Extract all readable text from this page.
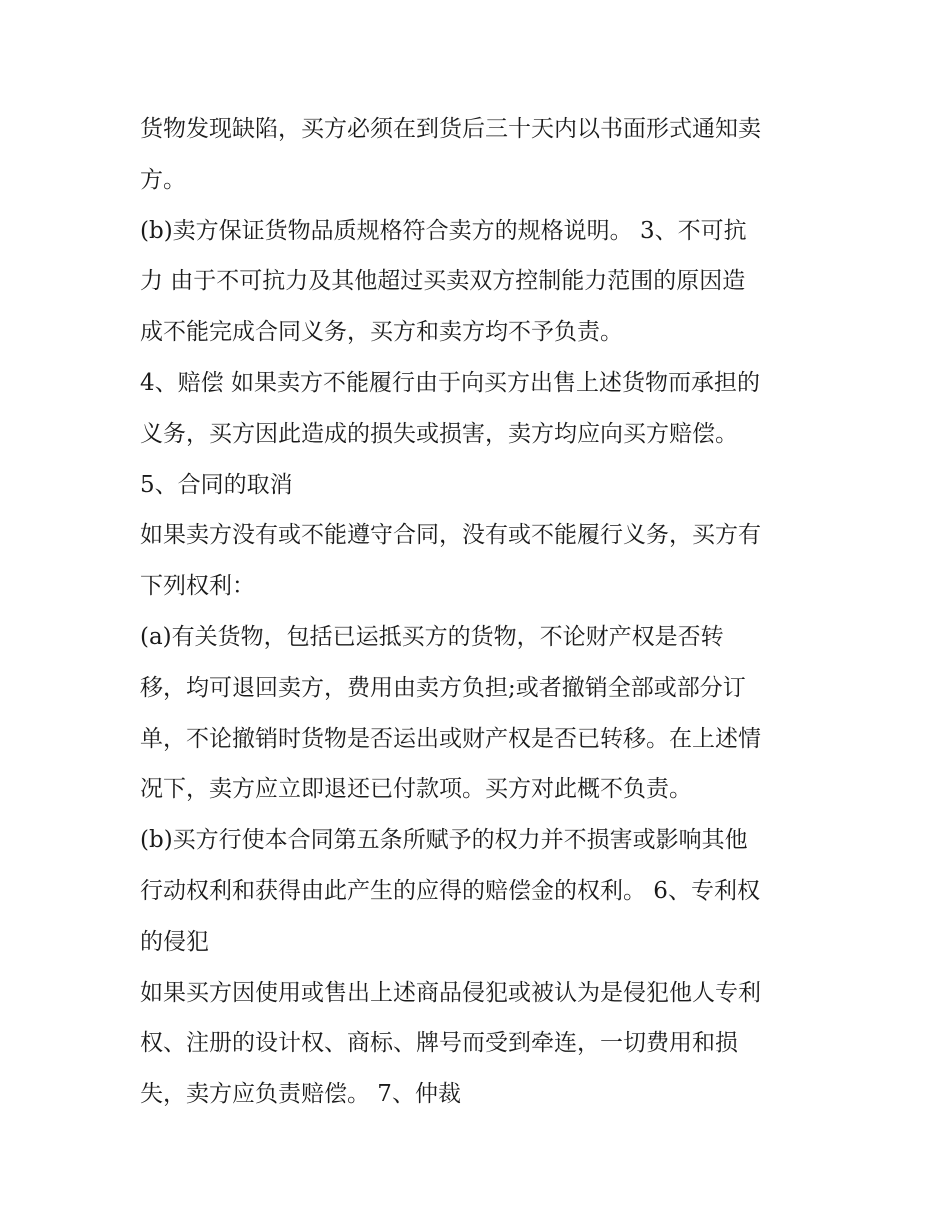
货物发现缺陷，买方必须在到货后三十天内以书面形式通知卖
方。
(b)卖方保证货物品质规格符合卖方的规格说明。 3、不可抗
力 由于不可抗力及其他超过买卖双方控制能力范围的原因造
成不能完成合同义务，买方和卖方均不予负责。
4、赔偿 如果卖方不能履行由于向买方出售上述货物而承担的
义务，买方因此造成的损失或损害，卖方均应向买方赔偿。
5、合同的取消
如果卖方没有或不能遵守合同，没有或不能履行义务，买方有
下列权利：
(a)有关货物，包括已运抵买方的货物，不论财产权是否转
移，均可退回卖方，费用由卖方负担;或者撤销全部或部分订
单，不论撤销时货物是否运出或财产权是否已转移。在上述情
况下，卖方应立即退还已付款项。买方对此概不负责。
(b)买方行使本合同第五条所赋予的权力并不损害或影响其他
行动权利和获得由此产生的应得的赔偿金的权利。 6、专利权
的侵犯
如果买方因使用或售出上述商品侵犯或被认为是侵犯他人专利
权、注册的设计权、商标、牌号而受到牵连，一切费用和损
失，卖方应负责赔偿。 7、仲裁
